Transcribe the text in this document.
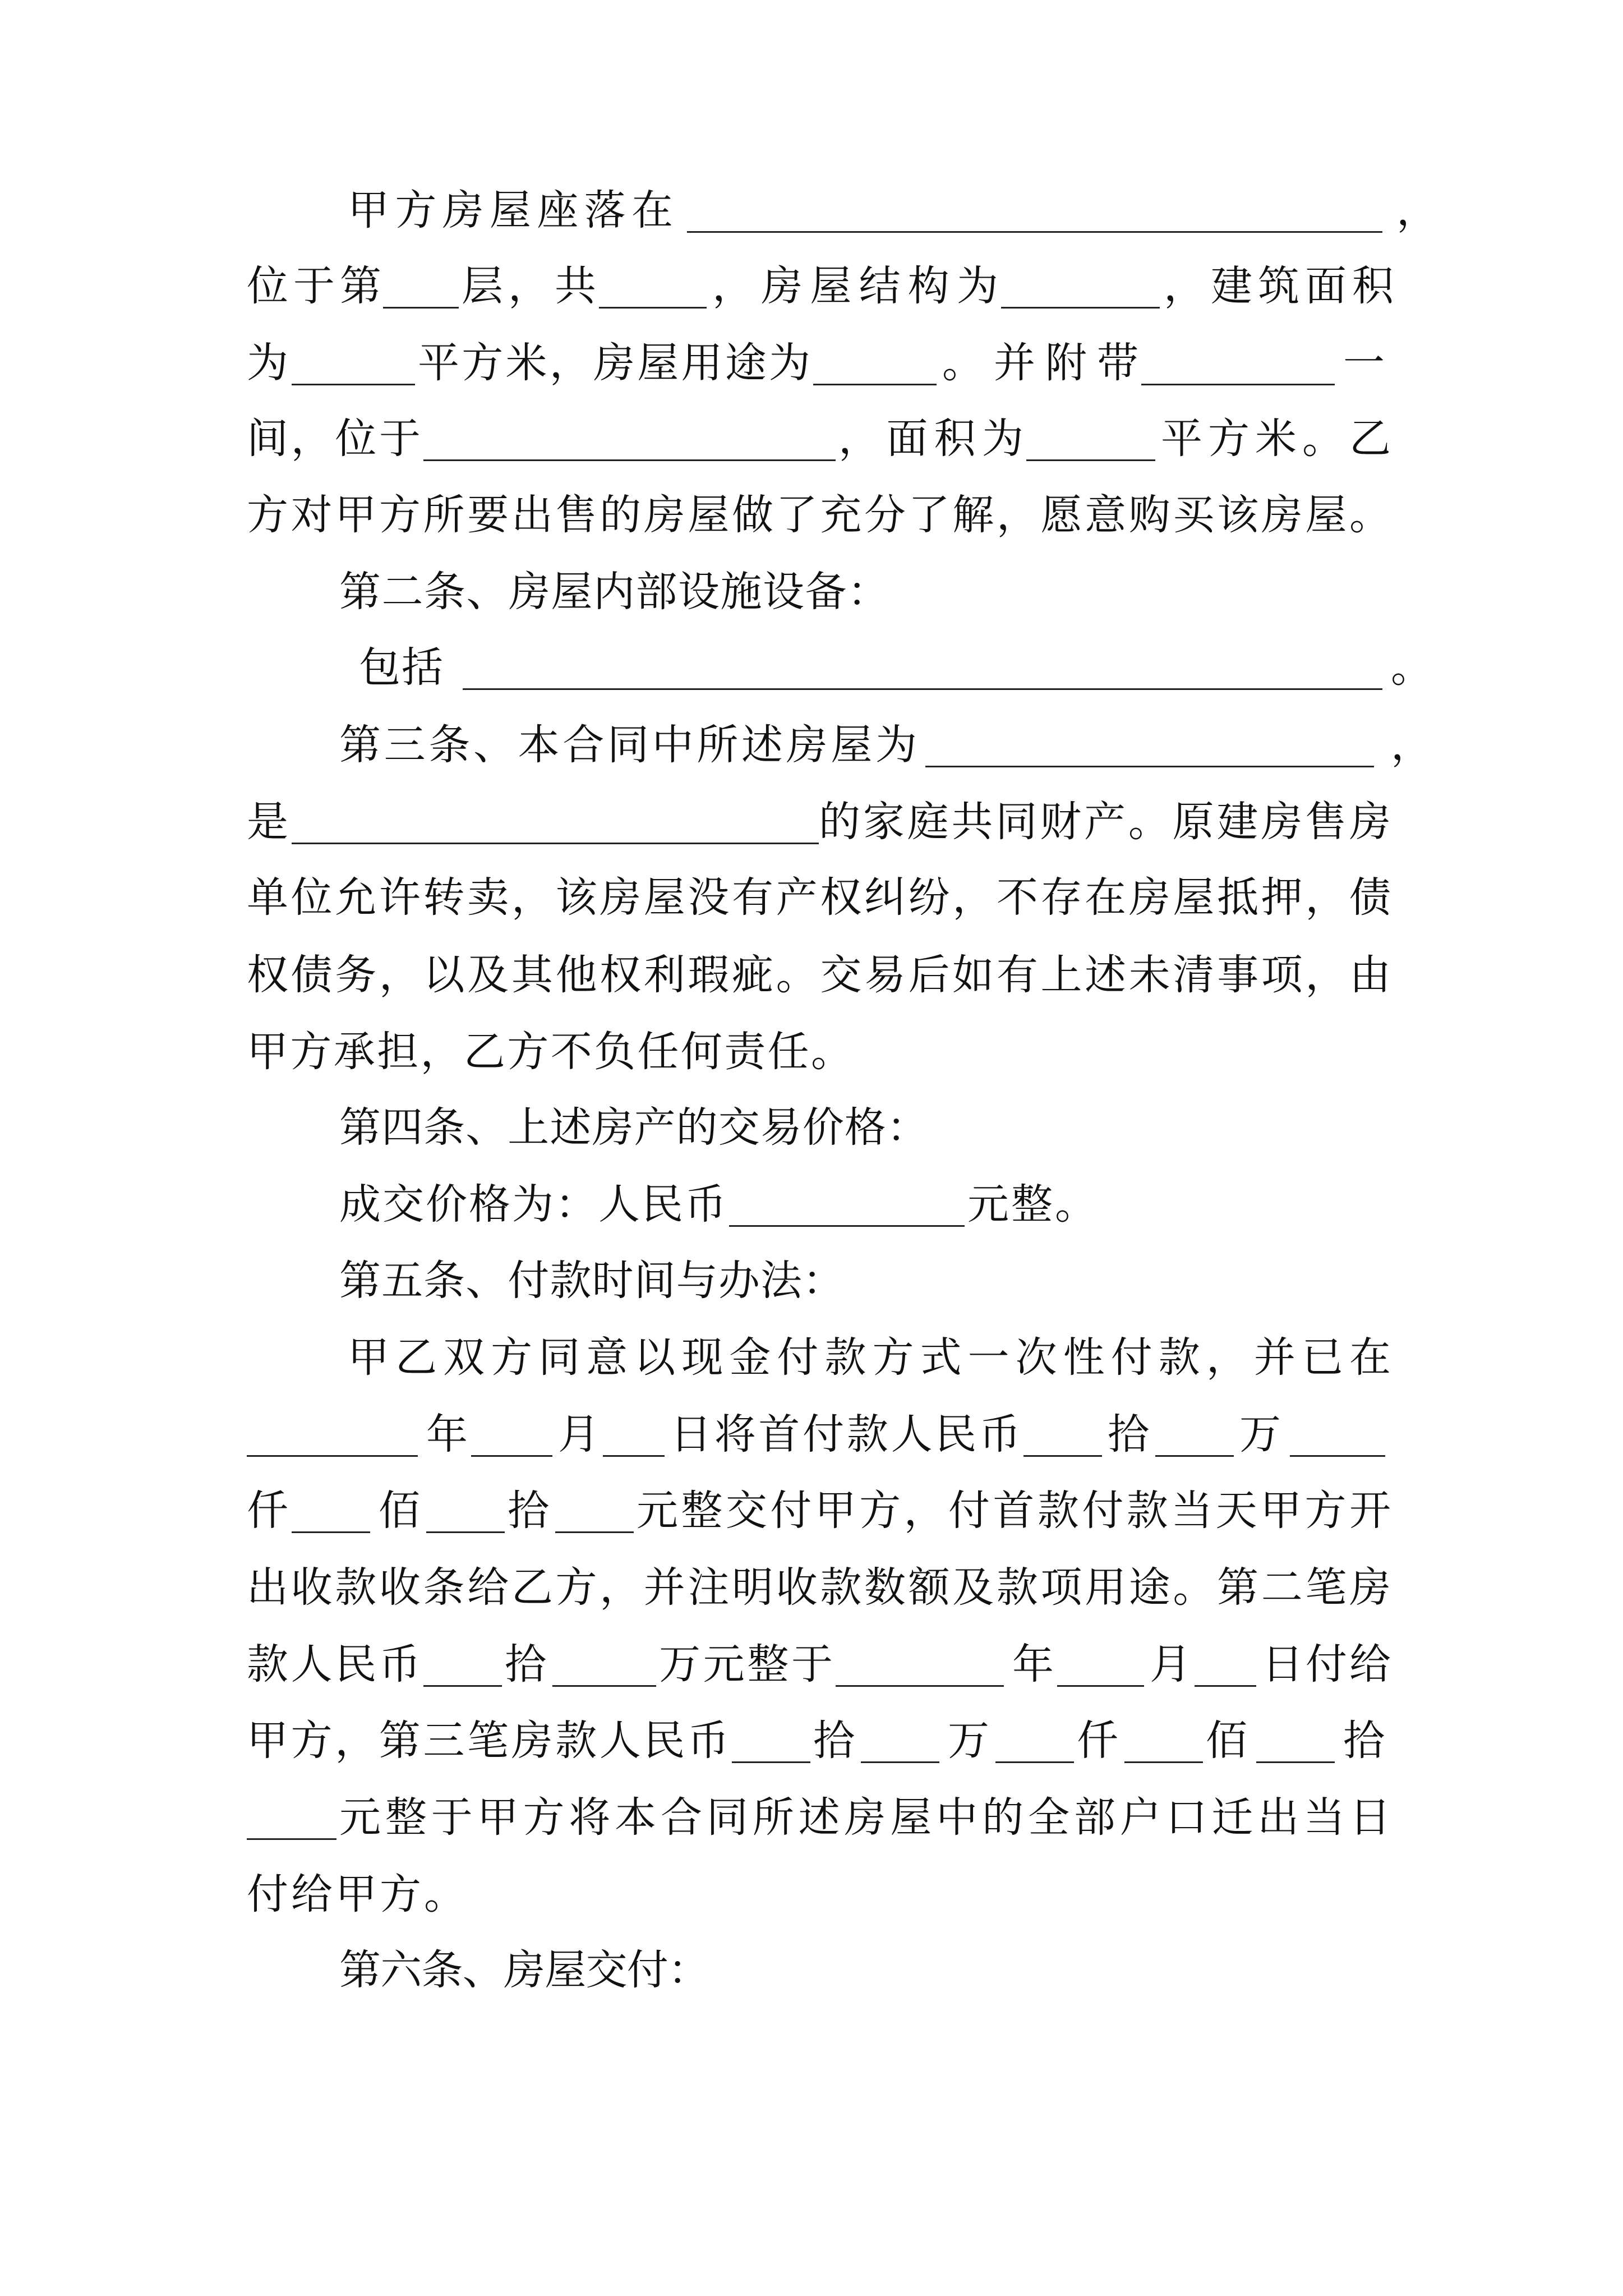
甲方房屋座落在	，
位于第 层，共	，房屋结构为	，建筑面积
为	平方米，房屋用途为	。并附带	一
间，位于	，面积为	平方米。乙
方对甲方所要出售的房屋做了充分了解，愿意购买该房屋。
第二条、房屋内部设施设备：
包括	。
第三条、本合同中所述房屋为	，
是	的家庭共同财产。原建房售房
单位允许转卖，该房屋没有产权纠纷，不存在房屋抵押，债
权债务，以及其他权利瑕疵。交易后如有上述未清事项，由
甲方承担，乙方不负任何责任。
第四条、上述房产的交易价格：
成交价格为：人民币	元整。
第五条、付款时间与办法：
甲乙双方同意以现金付款方式一次性付款，并已在
年 月 日将首付款人民币 拾 万
仟 佰 拾 元整交付甲方，付首款付款当天甲方开
出收款收条给乙方，并注明收款数额及款项用途。第二笔房
款人民币 拾	万元整于	年 月 日付给
甲方，第三笔房款人民币 拾 万 仟 佰 拾
元整于甲方将本合同所述房屋中的全部户口迁出当日
付给甲方。
第六条、房屋交付：
